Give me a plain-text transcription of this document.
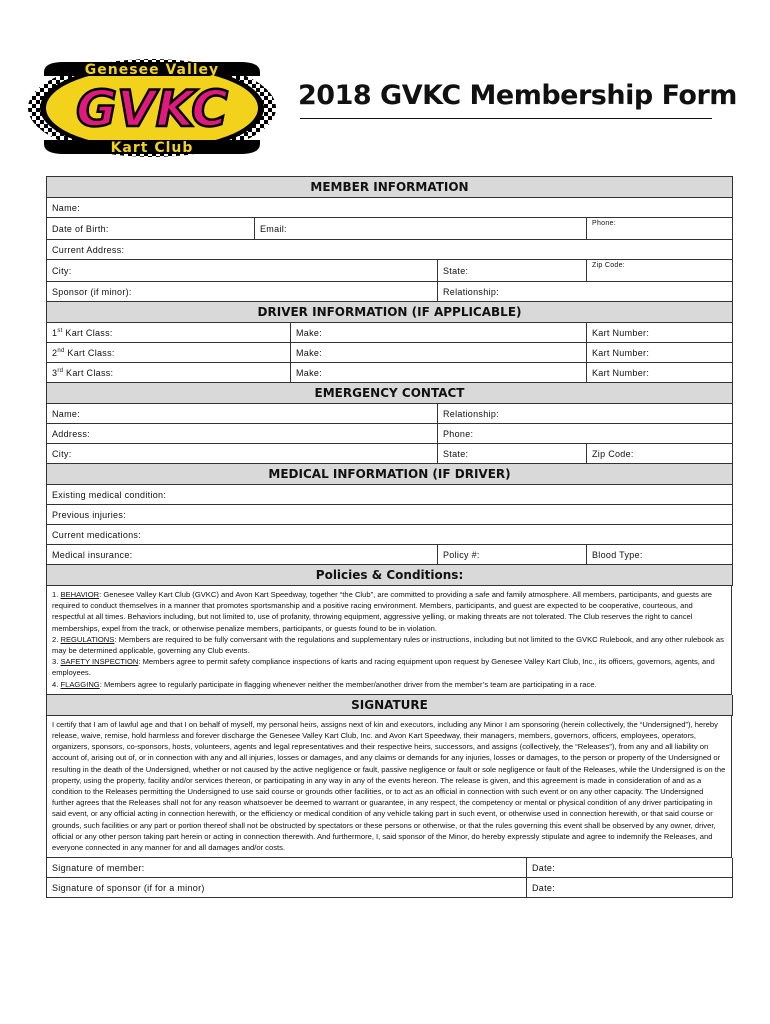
Genesee Valley
GVKC
Kart Club
2018 GVKC Membership Form
MEMBER INFORMATION				
Name:				
Date of Birth:	Email:			Phone:
Current Address:				
City:			State:	Zip Code:
Sponsor (if minor):			Relationship:	
DRIVER INFORMATION (IF APPLICABLE)				
1st Kart Class:		Make:		Kart Number:
2nd Kart Class:		Make:		Kart Number:
3rd Kart Class:		Make:		Kart Number:
EMERGENCY CONTACT				
Name:			Relationship:	
Address:			Phone:	
City:			State:	Zip Code:
MEDICAL INFORMATION (IF DRIVER)				
Existing medical condition:				
Previous injuries:				
Current medications:				
Medical insurance:			Policy #:	Blood Type:
Policies & Conditions:				

1. BEHAVIOR: Genesee Valley Kart Club (GVKC) and Avon Kart Speedway, together “the Club”, are committed to providing a safe and family atmosphere. All members, participants, and guests are required to conduct themselves in a manner that promotes sportsmanship and a positive racing environment. Members, participants, and guest are expected to be cooperative, courteous, and respectful at all times. Behaviors including, but not limited to, use of profanity, throwing equipment, aggressive yelling, or making threats are not tolerated. The Club reserves the right to cancel memberships, expel from the track, or otherwise penalize members, participants, or guests found to be in violation.

2. REGULATIONS: Members are required to be fully conversant with the regulations and supplementary rules or instructions, including but not limited to the GVKC Rulebook, and any other rulebook as may be determined applicable, governing any Club events.

3. SAFETY INSPECTION: Members agree to permit safety compliance inspections of karts and racing equipment upon request by Genesee Valley Kart Club, Inc., its officers, governors, agents, and employees.

4. FLAGGING: Members agree to regularly participate in flagging whenever neither the member/another driver from the member’s team are participating in a race.

SIGNATURE
I certify that I am of lawful age and that I on behalf of myself, my personal heirs, assigns next of kin and executors, including any Minor I am sponsoring (herein collectively, the “Undersigned”), hereby release, waive, remise, hold harmless and forever discharge the Genesee Valley Kart Club, Inc. and Avon Kart Speedway, their managers, members, governors, officers, employees, operators, organizers, sponsors, co-sponsors, hosts, volunteers, agents and legal representatives and their respective heirs, successors, and assigns (collectively, the “Releases”), from any and all liability on account of, arising out of, or in connection with any and all injuries, losses or damages, and any claims or demands for any injuries, losses or damages, to the person or property of the Undersigned or resulting in the death of the Undersigned, whether or not caused by the active negligence or fault, passive negligence or fault or sole negligence or fault of the Releases, while the Undersigned is on the property, using the property, facility and/or services thereon, or participating in any way in any of the events hereon. The release is given, and this agreement is made in consideration of and as a condition to the Releases permitting the Undersigned to use said course or grounds other facilities, or to act as an official in connection with such event or on any other capacity. The Undersigned further agrees that the Releases shall not for any reason whatsoever be deemed to warrant or guarantee, in any respect, the competency or mental or physical condition of any driver participating in said event, or any official acting in connection herewith, or the efficiency or medical condition of any vehicle taking part in such event, or otherwise used in connection herewith, or that said course or grounds, such facilities or any part or portion thereof shall not be obstructed by spectators or these persons or otherwise, or that the rules governing this event shall be observed by any owner, driver, official or any other person taking part herein or acting in connection therewith. And furthermore, I, said sponsor of the Minor, do hereby expressly stipulate and agree to indemnify the Releases, and everyone connected in any manner for and all damages and/or costs.
Signature of member:	Date:
Signature of sponsor (if for a minor)	Date:
